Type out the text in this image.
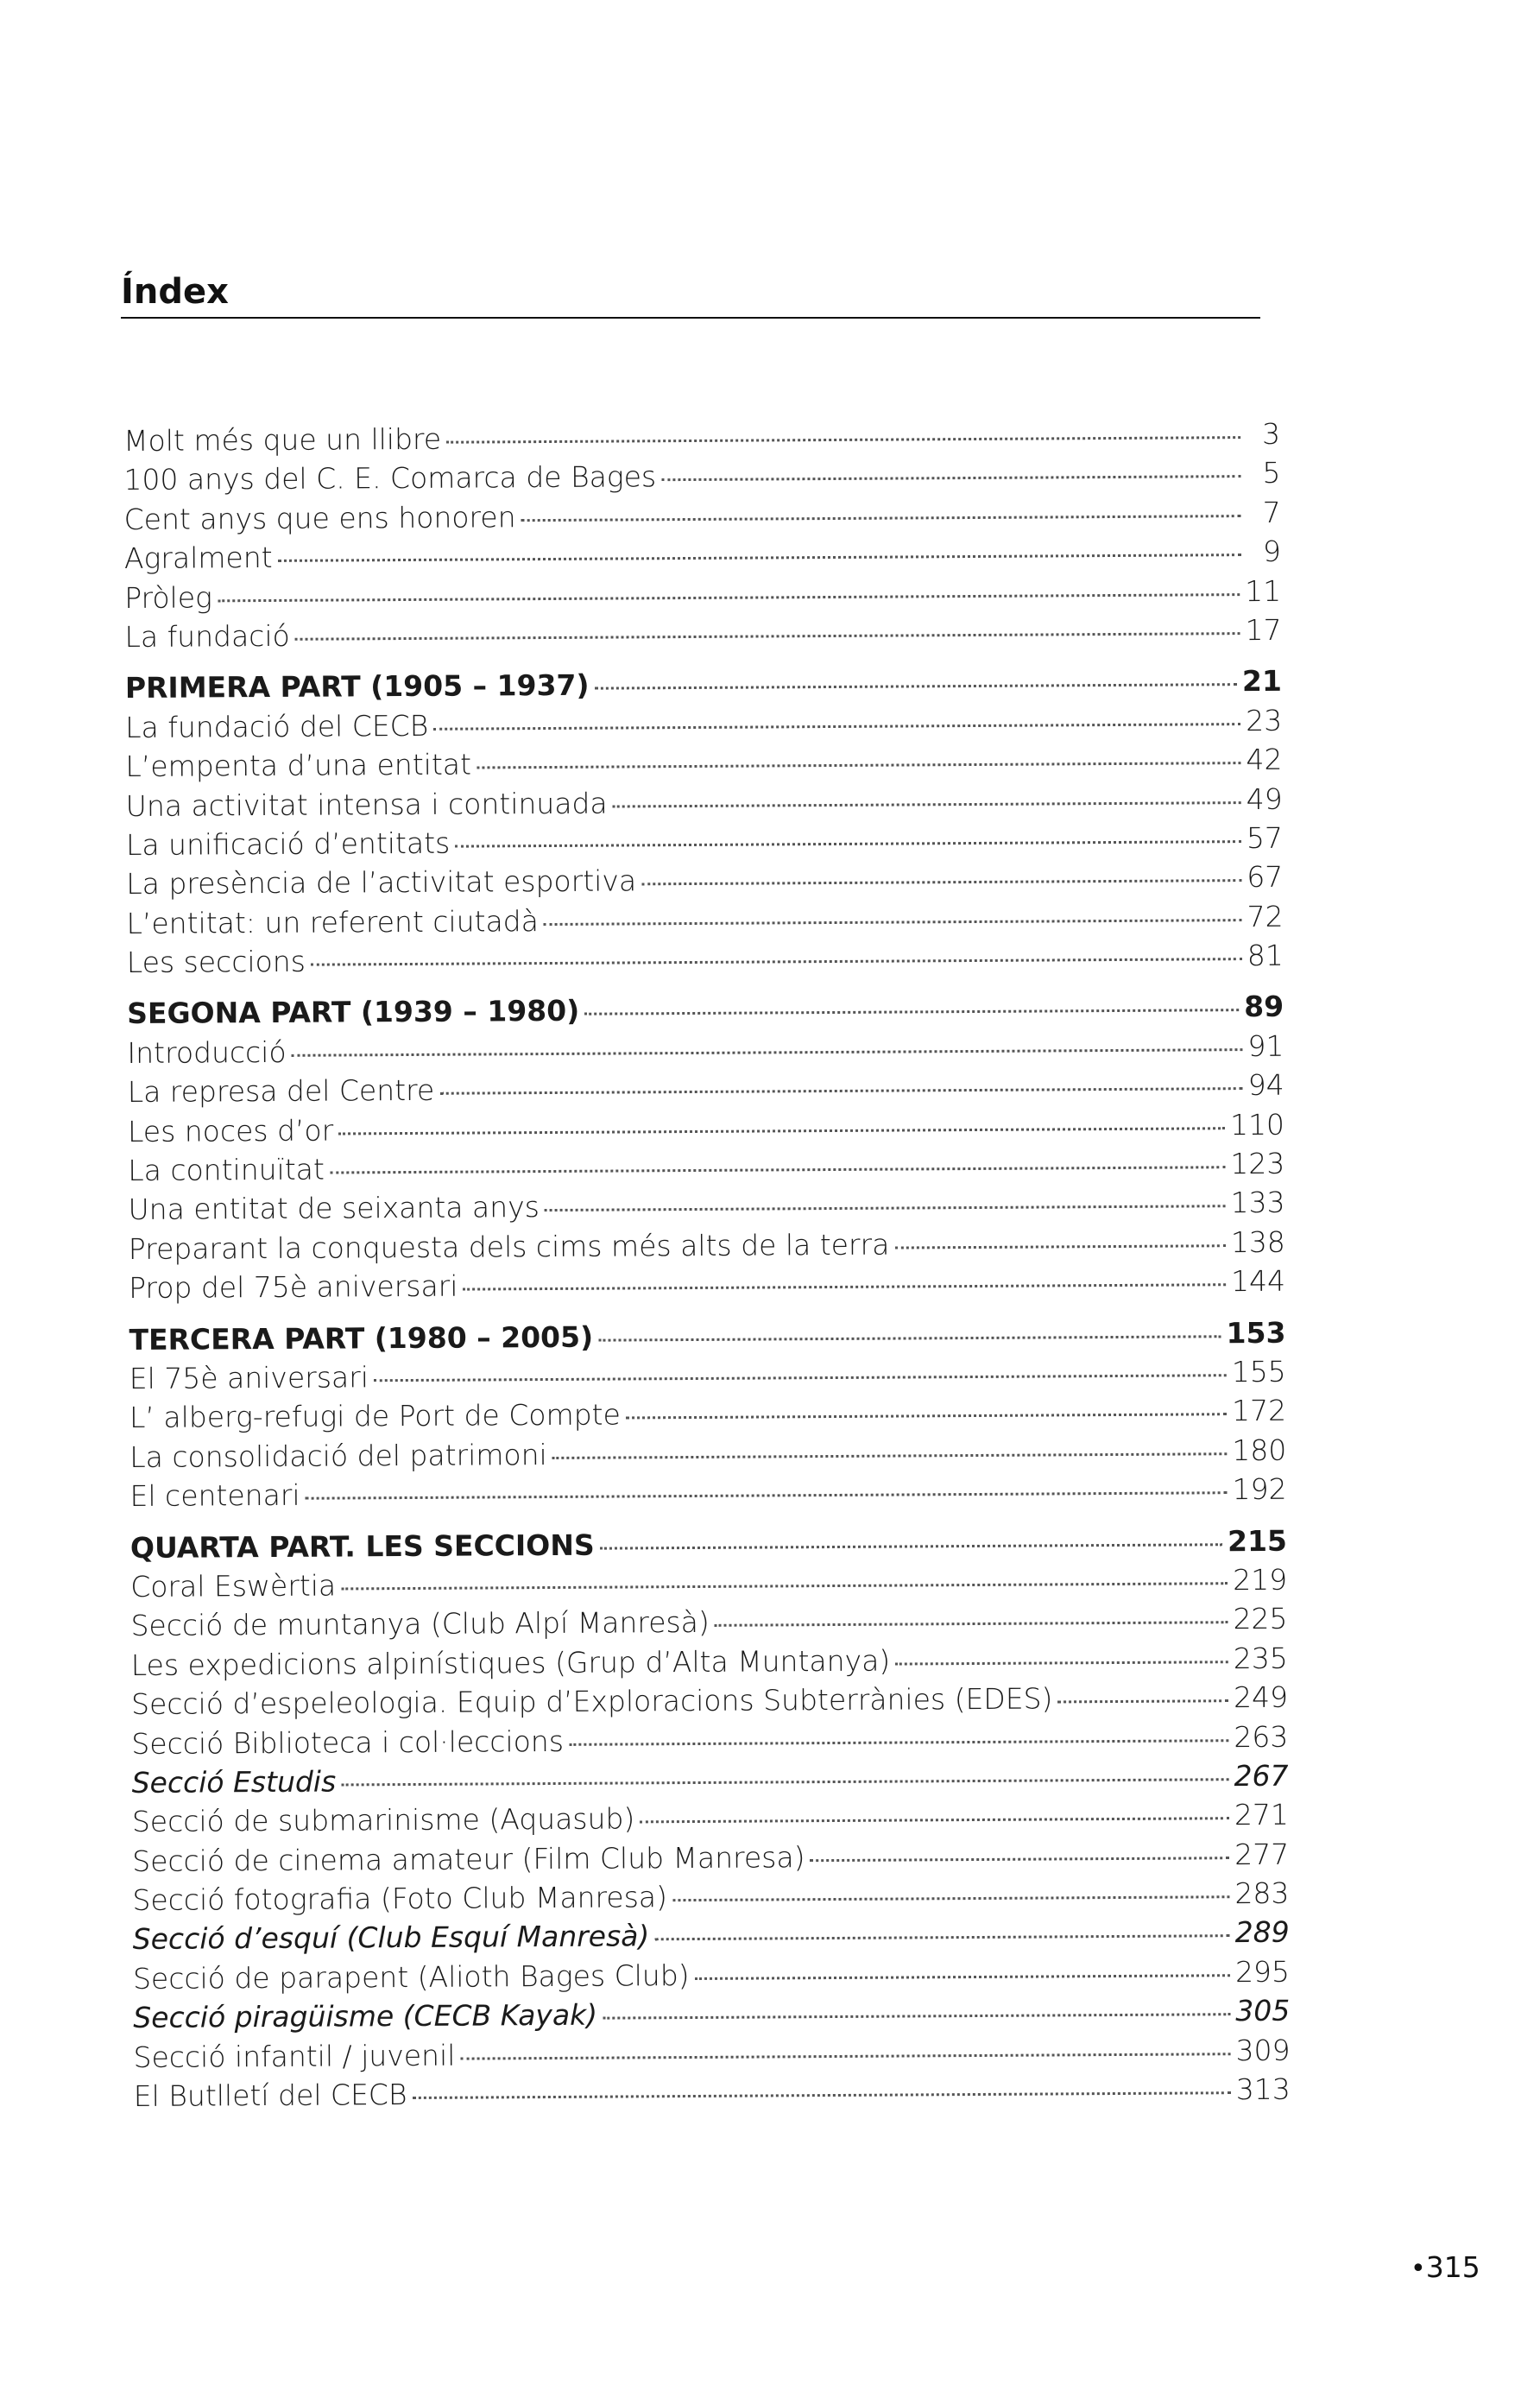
Índex
Molt més que un llibre	3
100 anys del C. E. Comarca de Bages	5
Cent anys que ens honoren	7
Agralment	9
Pròleg	11
La fundació	17
PRIMERA PART (1905 – 1937)	21
La fundació del CECB	23
L’empenta d’una entitat	42
Una activitat intensa i continuada	49
La unificació d’entitats	57
La presència de l’activitat esportiva	67
L’entitat: un referent ciutadà	72
Les seccions	81
SEGONA PART (1939 – 1980)	89
Introducció	91
La represa del Centre	94
Les noces d’or	110
La continuïtat	123
Una entitat de seixanta anys	133
Preparant la conquesta dels cims més alts de la terra	138
Prop del 75è aniversari	144
TERCERA PART (1980 – 2005)	153
El 75è aniversari	155
L’ alberg-refugi de Port de Compte	172
La consolidació del patrimoni	180
El centenari	192
QUARTA PART. LES SECCIONS	215
Coral Eswèrtia	219
Secció de muntanya (Club Alpí Manresà)	225
Les expedicions alpinístiques (Grup d’Alta Muntanya)	235
Secció d’espeleologia. Equip d’Exploracions Subterrànies (EDES)	249
Secció Biblioteca i col·leccions	263
Secció Estudis	267
Secció de submarinisme (Aquasub)	271
Secció de cinema amateur (Film Club Manresa)	277
Secció fotografia (Foto Club Manresa)	283
Secció d’esquí (Club Esquí Manresà)	289
Secció de parapent (Alioth Bages Club)	295
Secció piragüisme (CECB Kayak)	305
Secció infantil / juvenil	309
El Butlletí del CECB	313
•315
